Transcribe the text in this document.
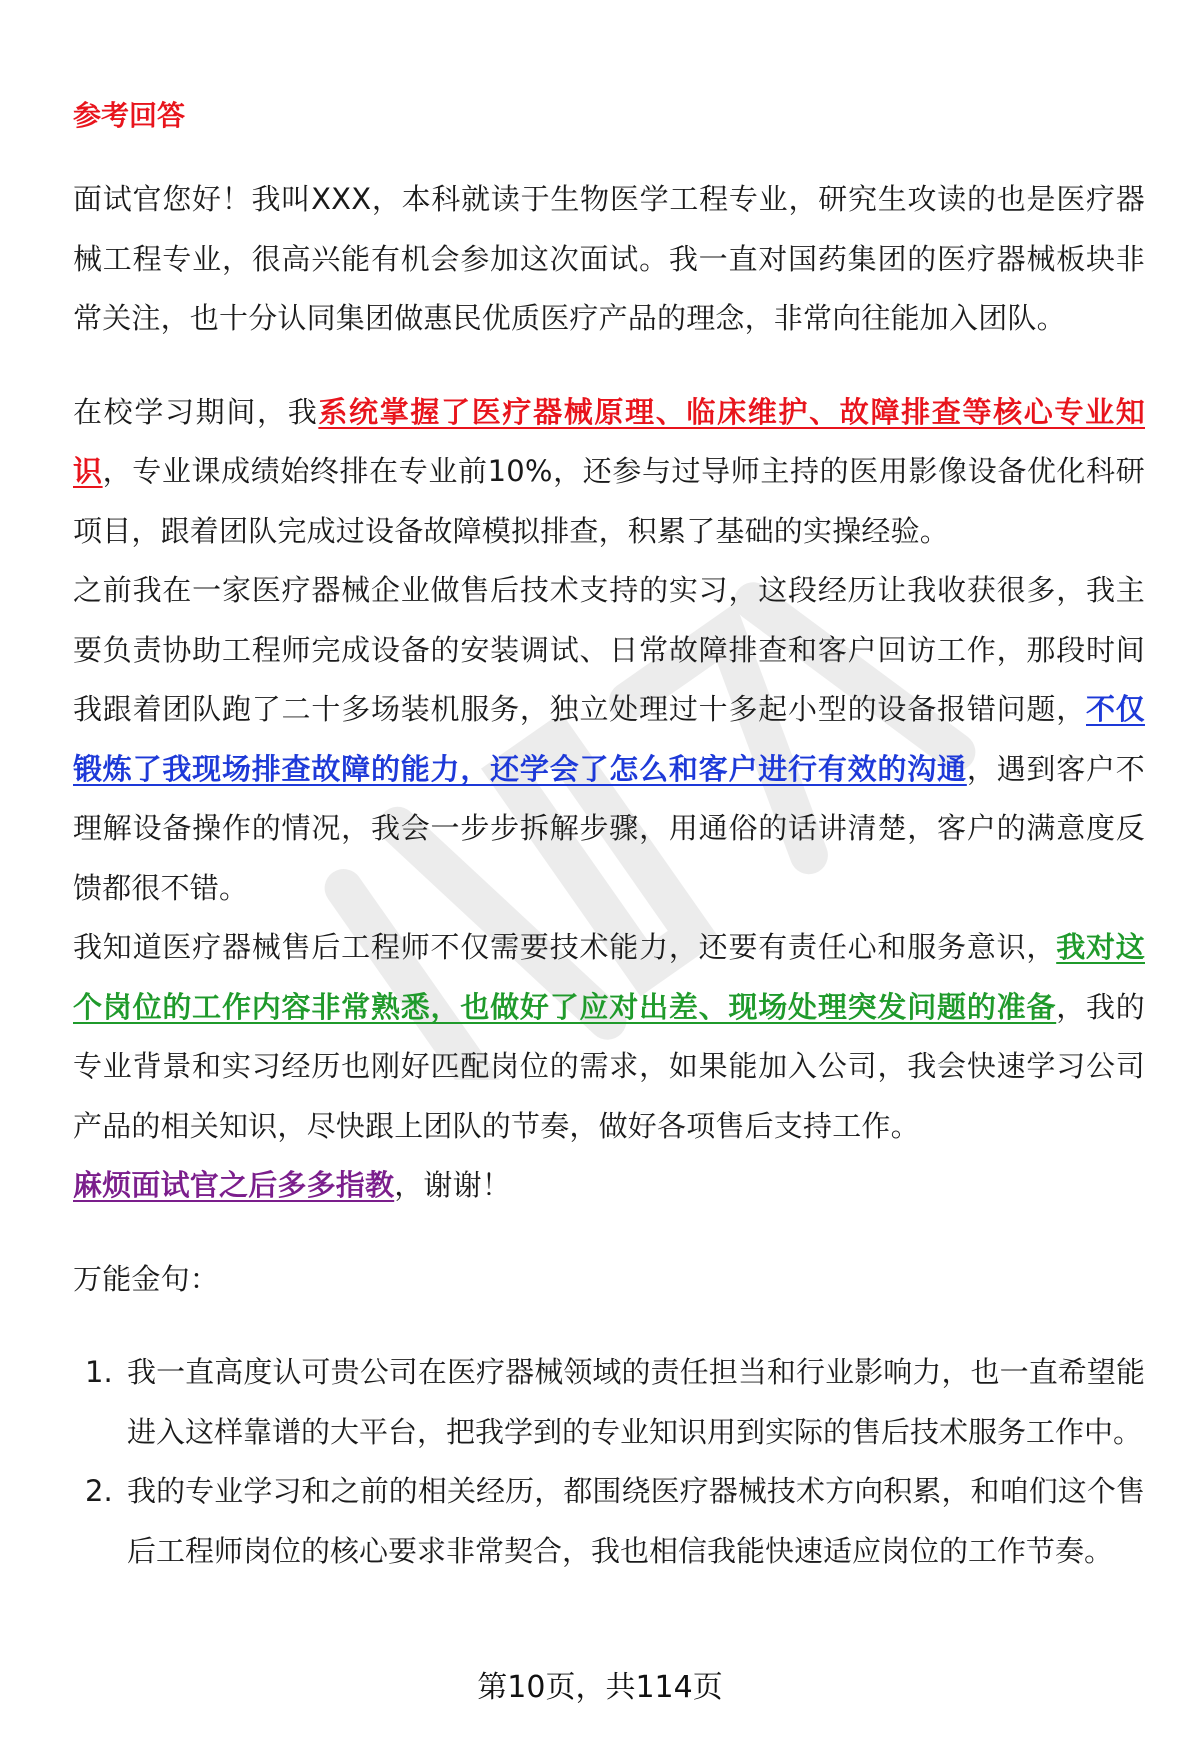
参考回答

面试官您好！我叫XXX，本科就读于生物医学工程专业，研究生攻读的也是医疗器械工程专业，很高兴能有机会参加这次面试。我一直对国药集团的医疗器械板块非常关注，也十分认同集团做惠民优质医疗产品的理念，非常向往能加入团队。

在校学习期间，我系统掌握了医疗器械原理、临床维护、故障排查等核心专业知识，专业课成绩始终排在专业前10%，还参与过导师主持的医用影像设备优化科研项目，跟着团队完成过设备故障模拟排查，积累了基础的实操经验。

之前我在一家医疗器械企业做售后技术支持的实习，这段经历让我收获很多，我主要负责协助工程师完成设备的安装调试、日常故障排查和客户回访工作，那段时间我跟着团队跑了二十多场装机服务，独立处理过十多起小型的设备报错问题，不仅锻炼了我现场排查故障的能力，还学会了怎么和客户进行有效的沟通，遇到客户不理解设备操作的情况，我会一步步拆解步骤，用通俗的话讲清楚，客户的满意度反馈都很不错。

我知道医疗器械售后工程师不仅需要技术能力，还要有责任心和服务意识，我对这个岗位的工作内容非常熟悉，也做好了应对出差、现场处理突发问题的准备，我的专业背景和实习经历也刚好匹配岗位的需求，如果能加入公司，我会快速学习公司产品的相关知识，尽快跟上团队的节奏，做好各项售后支持工作。

麻烦面试官之后多多指教，谢谢！

万能金句：

1. 我一直高度认可贵公司在医疗器械领域的责任担当和行业影响力，也一直希望能进入这样靠谱的大平台，把我学到的专业知识用到实际的售后技术服务工作中。
2. 我的专业学习和之前的相关经历，都围绕医疗器械技术方向积累，和咱们这个售后工程师岗位的核心要求非常契合，我也相信我能快速适应岗位的工作节奏。
第10页，共114页
